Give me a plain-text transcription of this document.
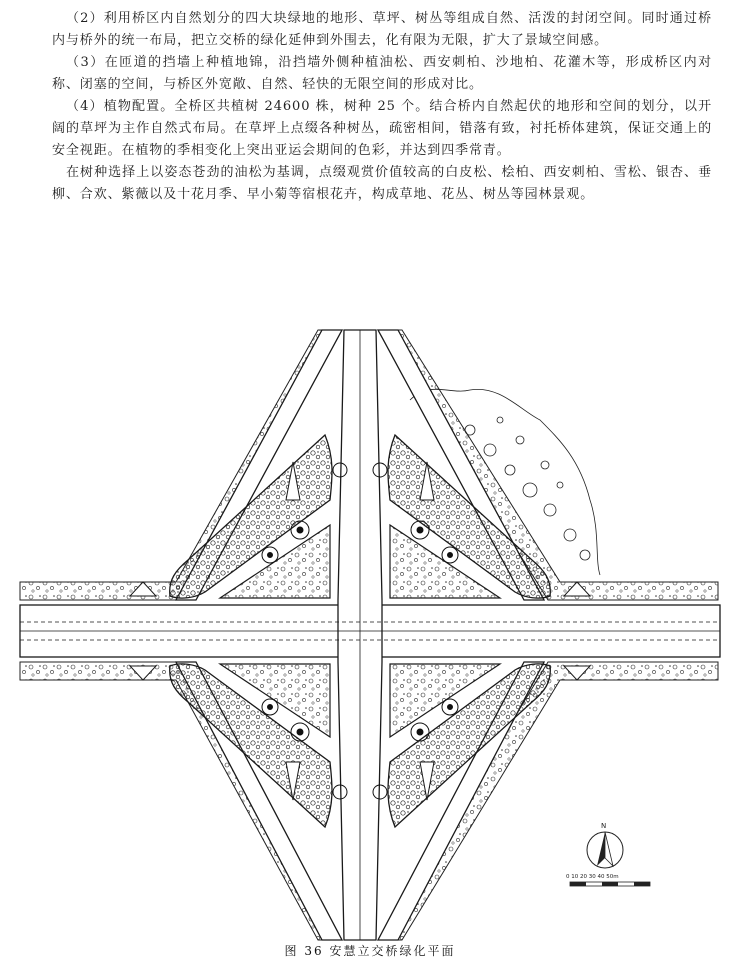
（2）利用桥区内自然划分的四大块绿地的地形、草坪、树丛等组成自然、活泼的封闭空间。同时通过桥内与桥外的统一布局，把立交桥的绿化延伸到外围去，化有限为无限，扩大了景域空间感。

（3）在匝道的挡墙上种植地锦，沿挡墙外侧种植油松、西安刺柏、沙地柏、花灌木等，形成桥区内对称、闭塞的空间，与桥区外宽敞、自然、轻快的无限空间的形成对比。

（4）植物配置。全桥区共植树 24600 株，树种 25 个。结合桥内自然起伏的地形和空间的划分，以开阔的草坪为主作自然式布局。在草坪上点缀各种树丛，疏密相间，错落有致，衬托桥体建筑，保证交通上的安全视距。在植物的季相变化上突出亚运会期间的色彩，并达到四季常青。

在树种选择上以姿态苍劲的油松为基调，点缀观赏价值较高的白皮松、桧柏、西安刺柏、雪松、银杏、垂柳、合欢、紫薇以及十花月季、早小菊等宿根花卉，构成草地、花丛、树丛等园林景观。

N
0 10 20 30 40 50m
图 36 安慧立交桥绿化平面
